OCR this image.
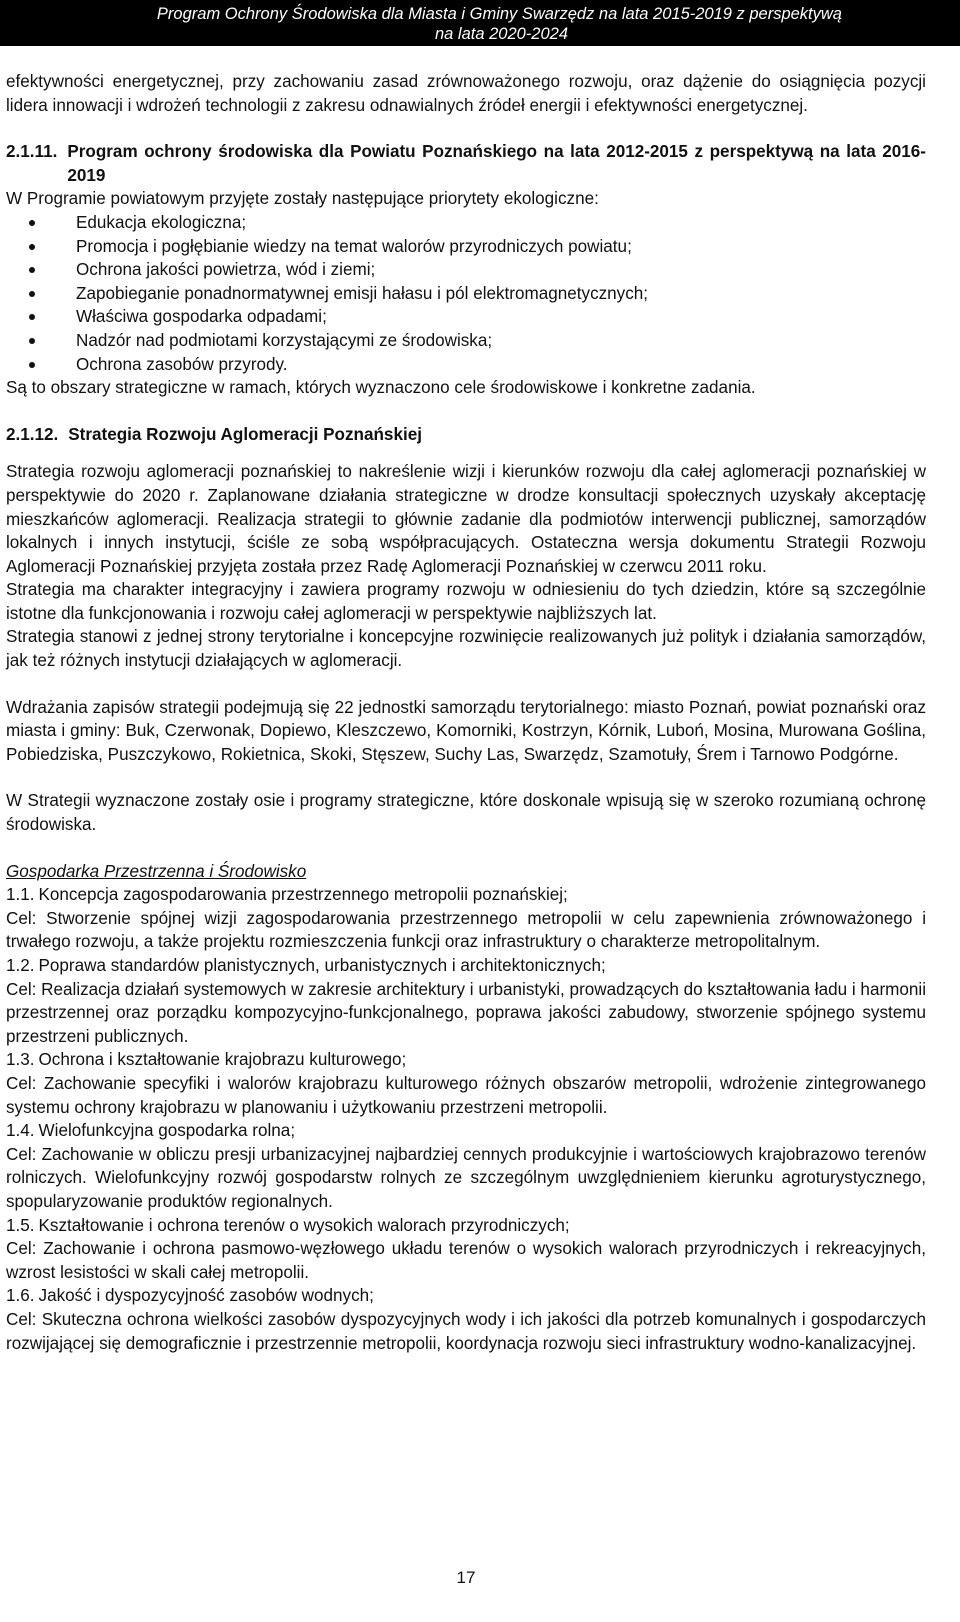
Program Ochrony Środowiska dla Miasta i Gminy Swarzędz na lata 2015-2019 z perspektywą
na lata 2020-2024

efektywności energetycznej, przy zachowaniu zasad zrównoważonego rozwoju, oraz dążenie do osiągnięcia pozycji lidera innowacji i wdrożeń technologii z zakresu odnawialnych źródeł energii i efektywności energetycznej.

2.1.11. Program ochrony środowiska dla Powiatu Poznańskiego na lata 2012-2015 z perspektywą na lata 2016-2019

W Programie powiatowym przyjęte zostały następujące priorytety ekologiczne:

Edukacja ekologiczna;
Promocja i pogłębianie wiedzy na temat walorów przyrodniczych powiatu;
Ochrona jakości powietrza, wód i ziemi;
Zapobieganie ponadnormatywnej emisji hałasu i pól elektromagnetycznych;
Właściwa gospodarka odpadami;
Nadzór nad podmiotami korzystającymi ze środowiska;
Ochrona zasobów przyrody.

Są to obszary strategiczne w ramach, których wyznaczono cele środowiskowe i konkretne zadania.

2.1.12. Strategia Rozwoju Aglomeracji Poznańskiej

Strategia rozwoju aglomeracji poznańskiej to nakreślenie wizji i kierunków rozwoju dla całej aglomeracji poznańskiej w perspektywie do 2020 r. Zaplanowane działania strategiczne w drodze konsultacji społecznych uzyskały akceptację mieszkańców aglomeracji. Realizacja strategii to głównie zadanie dla podmiotów interwencji publicznej, samorządów lokalnych i innych instytucji, ściśle ze sobą współpracujących. Ostateczna wersja dokumentu Strategii Rozwoju Aglomeracji Poznańskiej przyjęta została przez Radę Aglomeracji Poznańskiej w czerwcu 2011 roku.

Strategia ma charakter integracyjny i zawiera programy rozwoju w odniesieniu do tych dziedzin, które są szczególnie istotne dla funkcjonowania i rozwoju całej aglomeracji w perspektywie najbliższych lat.

Strategia stanowi z jednej strony terytorialne i koncepcyjne rozwinięcie realizowanych już polityk i działania samorządów, jak też różnych instytucji działających w aglomeracji.

Wdrażania zapisów strategii podejmują się 22 jednostki samorządu terytorialnego: miasto Poznań, powiat poznański oraz miasta i gminy: Buk, Czerwonak, Dopiewo, Kleszczewo, Komorniki, Kostrzyn, Kórnik, Luboń, Mosina, Murowana Goślina, Pobiedziska, Puszczykowo, Rokietnica, Skoki, Stęszew, Suchy Las, Swarzędz, Szamotuły, Śrem i Tarnowo Podgórne.

W Strategii wyznaczone zostały osie i programy strategiczne, które doskonale wpisują się w szeroko rozumianą ochronę środowiska.

Gospodarka Przestrzenna i Środowisko

1.1. Koncepcja zagospodarowania przestrzennego metropolii poznańskiej;

Cel: Stworzenie spójnej wizji zagospodarowania przestrzennego metropolii w celu zapewnienia zrównoważonego i trwałego rozwoju, a także projektu rozmieszczenia funkcji oraz infrastruktury o charakterze metropolitalnym.

1.2. Poprawa standardów planistycznych, urbanistycznych i architektonicznych;

Cel: Realizacja działań systemowych w zakresie architektury i urbanistyki, prowadzących do kształtowania ładu i harmonii przestrzennej oraz porządku kompozycyjno-funkcjonalnego, poprawa jakości zabudowy, stworzenie spójnego systemu przestrzeni publicznych.

1.3. Ochrona i kształtowanie krajobrazu kulturowego;

Cel: Zachowanie specyfiki i walorów krajobrazu kulturowego różnych obszarów metropolii, wdrożenie zintegrowanego systemu ochrony krajobrazu w planowaniu i użytkowaniu przestrzeni metropolii.

1.4. Wielofunkcyjna gospodarka rolna;

Cel: Zachowanie w obliczu presji urbanizacyjnej najbardziej cennych produkcyjnie i wartościowych krajobrazowo terenów rolniczych. Wielofunkcyjny rozwój gospodarstw rolnych ze szczególnym uwzględnieniem kierunku agroturystycznego, spopularyzowanie produktów regionalnych.

1.5. Kształtowanie i ochrona terenów o wysokich walorach przyrodniczych;

Cel: Zachowanie i ochrona pasmowo-węzłowego układu terenów o wysokich walorach przyrodniczych i rekreacyjnych, wzrost lesistości w skali całej metropolii.

1.6. Jakość i dyspozycyjność zasobów wodnych;

Cel: Skuteczna ochrona wielkości zasobów dyspozycyjnych wody i ich jakości dla potrzeb komunalnych i gospodarczych rozwijającej się demograficznie i przestrzennie metropolii, koordynacja rozwoju sieci infrastruktury wodno-kanalizacyjnej.

17
